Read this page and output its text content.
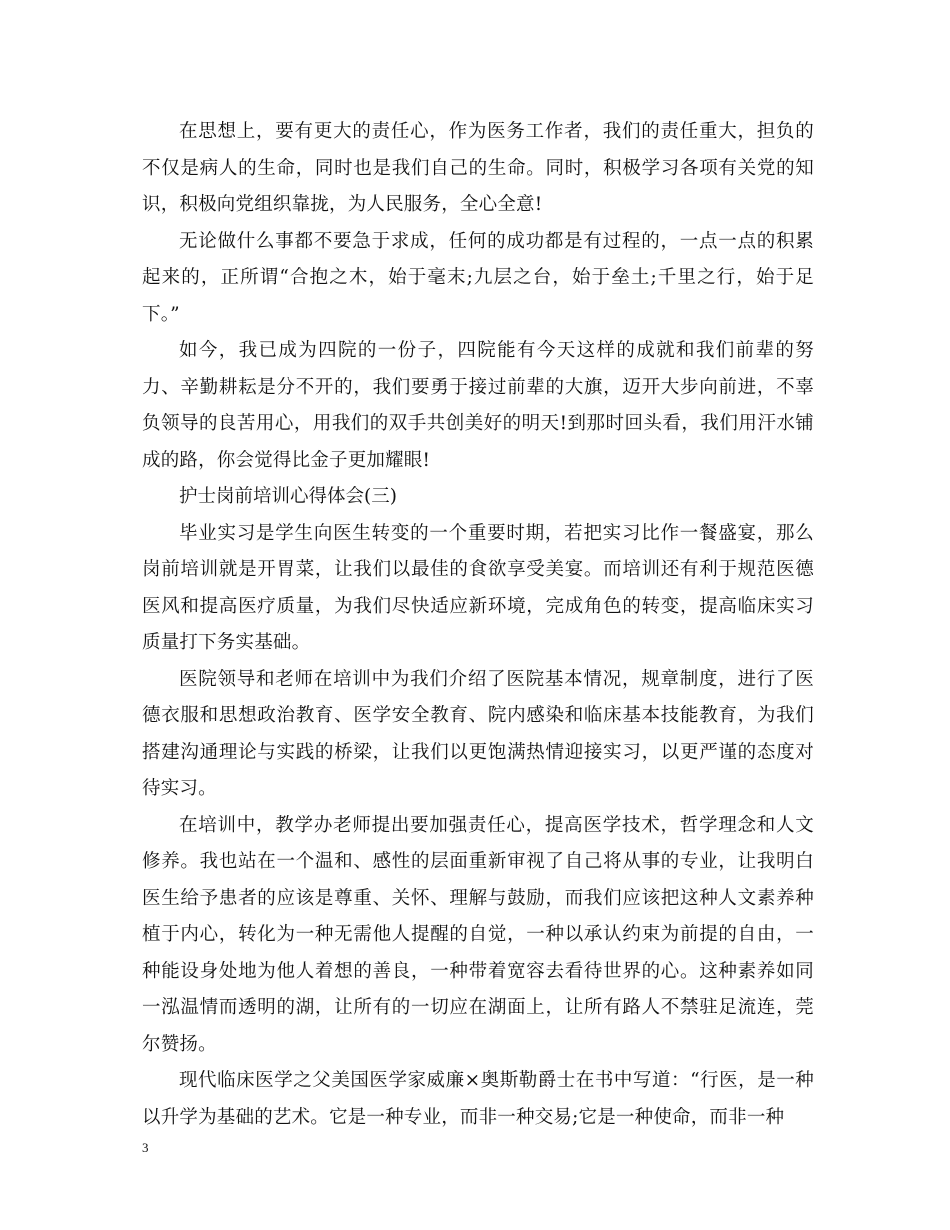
在思想上，要有更大的责任心，作为医务工作者，我们的责任重大，担负的不仅是病人的生命，同时也是我们自己的生命。同时，积极学习各项有关党的知识，积极向党组织靠拢，为人民服务，全心全意!

无论做什么事都不要急于求成，任何的成功都是有过程的，一点一点的积累起来的，正所谓“合抱之木，始于毫末;九层之台，始于垒土;千里之行，始于足下。”

如今，我已成为四院的一份子，四院能有今天这样的成就和我们前辈的努力、辛勤耕耘是分不开的，我们要勇于接过前辈的大旗，迈开大步向前进，不辜负领导的良苦用心，用我们的双手共创美好的明天!到那时回头看，我们用汗水铺成的路，你会觉得比金子更加耀眼!

护士岗前培训心得体会(三)

毕业实习是学生向医生转变的一个重要时期，若把实习比作一餐盛宴，那么岗前培训就是开胃菜，让我们以最佳的食欲享受美宴。而培训还有利于规范医德医风和提高医疗质量，为我们尽快适应新环境，完成角色的转变，提高临床实习质量打下务实基础。

医院领导和老师在培训中为我们介绍了医院基本情况，规章制度，进行了医德衣服和思想政治教育、医学安全教育、院内感染和临床基本技能教育，为我们搭建沟通理论与实践的桥梁，让我们以更饱满热情迎接实习，以更严谨的态度对待实习。

在培训中，教学办老师提出要加强责任心，提高医学技术，哲学理念和人文修养。我也站在一个温和、感性的层面重新审视了自己将从事的专业，让我明白医生给予患者的应该是尊重、关怀、理解与鼓励，而我们应该把这种人文素养种植于内心，转化为一种无需他人提醒的自觉，一种以承认约束为前提的自由，一种能设身处地为他人着想的善良，一种带着宽容去看待世界的心。这种素养如同一泓温情而透明的湖，让所有的一切应在湖面上，让所有路人不禁驻足流连，莞尔赞扬。

现代临床医学之父美国医学家威廉×奥斯勒爵士在书中写道：“行医，是一种以升学为基础的艺术。它是一种专业，而非一种交易;它是一种使命，而非一种

3
